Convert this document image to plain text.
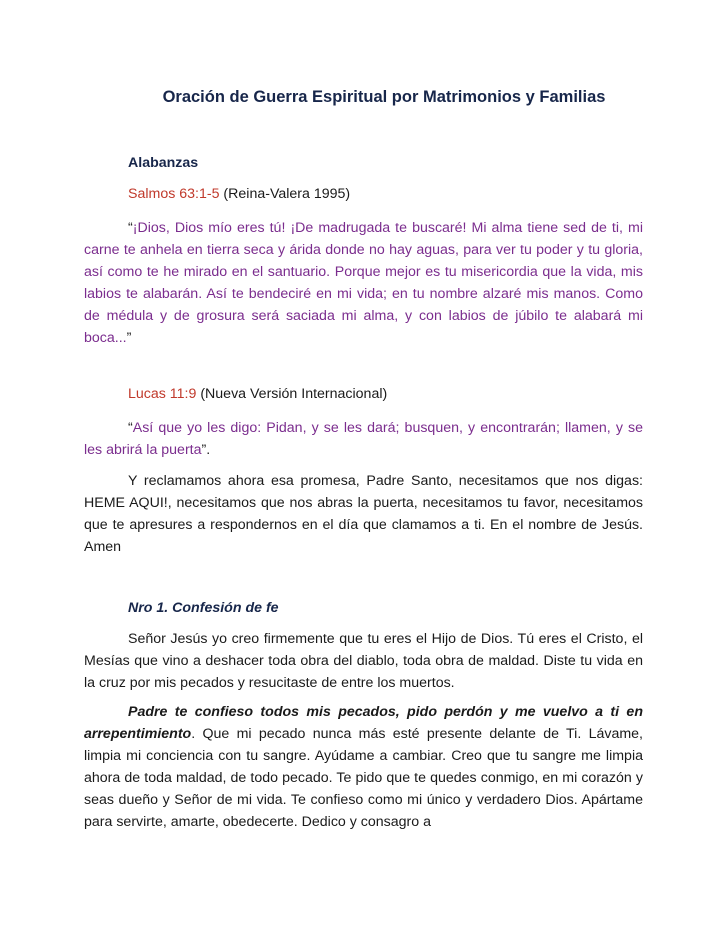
Oración de Guerra Espiritual por Matrimonios y Familias
Alabanzas
Salmos 63:1-5 (Reina-Valera 1995)
“¡Dios, Dios mío eres tú! ¡De madrugada te buscaré! Mi alma tiene sed de ti, mi carne te anhela en tierra seca y árida donde no hay aguas, para ver tu poder y tu gloria, así como te he mirado en el santuario. Porque mejor es tu misericordia que la vida, mis labios te alabarán. Así te bendeciré en mi vida; en tu nombre alzaré mis manos. Como de médula y de grosura será saciada mi alma, y con labios de júbilo te alabará mi boca...”
Lucas 11:9 (Nueva Versión Internacional)
“Así que yo les digo: Pidan, y se les dará; busquen, y encontrarán; llamen, y se les abrirá la puerta”.
Y reclamamos ahora esa promesa, Padre Santo, necesitamos que nos digas: HEME AQUI!, necesitamos que nos abras la puerta, necesitamos tu favor, necesitamos que te apresures a respondernos en el día que clamamos a ti. En el nombre de Jesús. Amen
Nro 1. Confesión de fe
Señor Jesús yo creo firmemente que tu eres el Hijo de Dios. Tú eres el Cristo, el Mesías que vino a deshacer toda obra del diablo, toda obra de maldad. Diste tu vida en la cruz por mis pecados y resucitaste de entre los muertos.
Padre te confieso todos mis pecados, pido perdón y me vuelvo a ti en arrepentimiento. Que mi pecado nunca más esté presente delante de Ti. Lávame, limpia mi conciencia con tu sangre. Ayúdame a cambiar. Creo que tu sangre me limpia ahora de toda maldad, de todo pecado. Te pido que te quedes conmigo, en mi corazón y seas dueño y Señor de mi vida. Te confieso como mi único y verdadero Dios. Apártame para servirte, amarte, obedecerte. Dedico y consagro a
